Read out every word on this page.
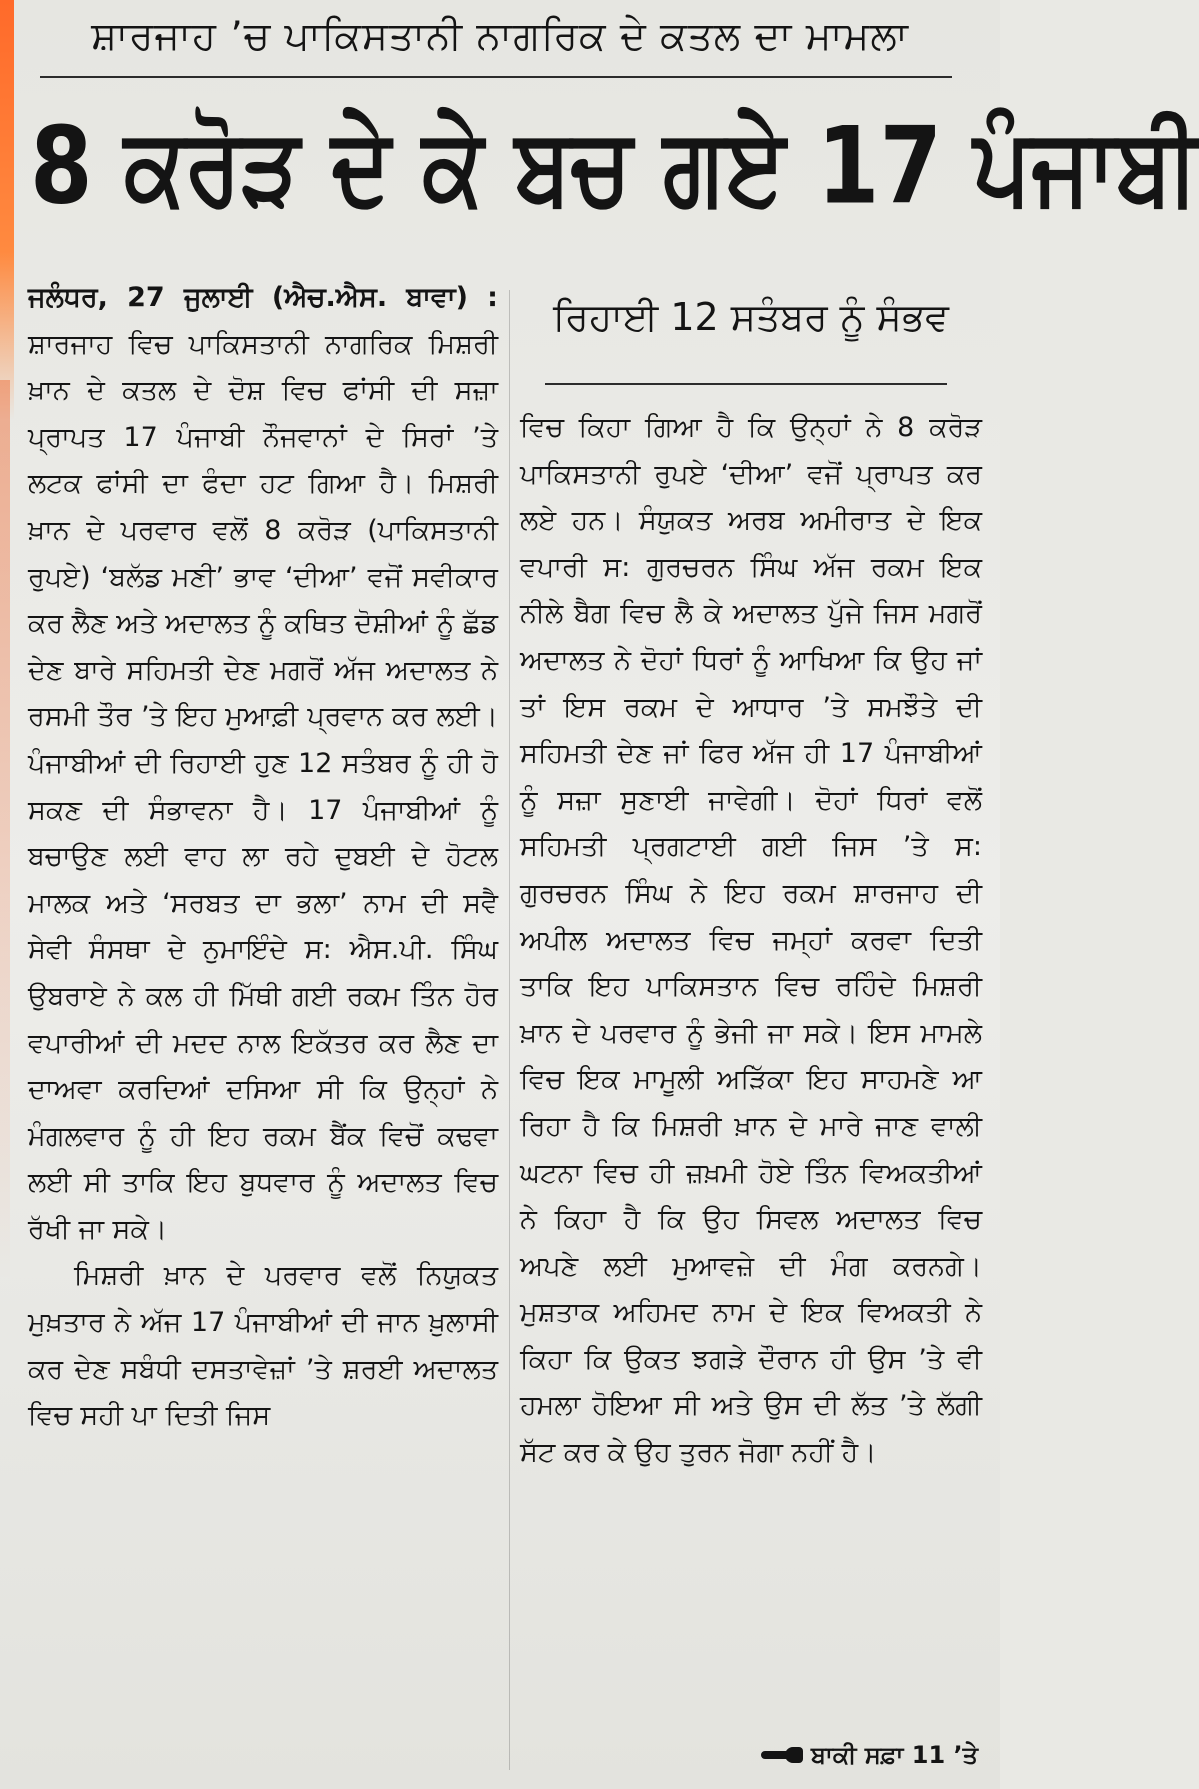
ਸ਼ਾਰਜਾਹ ’ਚ ਪਾਕਿਸਤਾਨੀ ਨਾਗਰਿਕ ਦੇ ਕਤਲ ਦਾ ਮਾਮਲਾ
8 ਕਰੋੜ ਦੇ ਕੇ ਬਚ ਗਏ 17 ਪੰਜਾਬੀ

ਜਲੰਧਰ, 27 ਜੁਲਾਈ (ਐਚ.ਐਸ. ਬਾਵਾ) : ਸ਼ਾਰਜਾਹ ਵਿਚ ਪਾਕਿਸਤਾਨੀ ਨਾਗਰਿਕ ਮਿਸ਼ਰੀ ਖ਼ਾਨ ਦੇ ਕਤਲ ਦੇ ਦੋਸ਼ ਵਿਚ ਫਾਂਸੀ ਦੀ ਸਜ਼ਾ ਪ੍ਰਾਪਤ 17 ਪੰਜਾਬੀ ਨੌਜਵਾਨਾਂ ਦੇ ਸਿਰਾਂ ’ਤੇ ਲਟਕ ਫਾਂਸੀ ਦਾ ਫੰਦਾ ਹਟ ਗਿਆ ਹੈ। ਮਿਸ਼ਰੀ ਖ਼ਾਨ ਦੇ ਪਰਵਾਰ ਵਲੋਂ 8 ਕਰੋੜ (ਪਾਕਿਸਤਾਨੀ ਰੁਪਏ) ‘ਬਲੱਡ ਮਣੀ’ ਭਾਵ ‘ਦੀਆ’ ਵਜੋਂ ਸਵੀਕਾਰ ਕਰ ਲੈਣ ਅਤੇ ਅਦਾਲਤ ਨੂੰ ਕਥਿਤ ਦੋਸ਼ੀਆਂ ਨੂੰ ਛੱਡ ਦੇਣ ਬਾਰੇ ਸਹਿਮਤੀ ਦੇਣ ਮਗਰੋਂ ਅੱਜ ਅਦਾਲਤ ਨੇ ਰਸਮੀ ਤੌਰ ’ਤੇ ਇਹ ਮੁਆਫ਼ੀ ਪ੍ਰਵਾਨ ਕਰ ਲਈ। ਪੰਜਾਬੀਆਂ ਦੀ ਰਿਹਾਈ ਹੁਣ 12 ਸਤੰਬਰ ਨੂੰ ਹੀ ਹੋ ਸਕਣ ਦੀ ਸੰਭਾਵਨਾ ਹੈ। 17 ਪੰਜਾਬੀਆਂ ਨੂੰ ਬਚਾਉਣ ਲਈ ਵਾਹ ਲਾ ਰਹੇ ਦੁਬਈ ਦੇ ਹੋਟਲ ਮਾਲਕ ਅਤੇ ‘ਸਰਬਤ ਦਾ ਭਲਾ’ ਨਾਮ ਦੀ ਸਵੈ ਸੇਵੀ ਸੰਸਥਾ ਦੇ ਨੁਮਾਇੰਦੇ ਸ: ਐਸ.ਪੀ. ਸਿੰਘ ਉਬਰਾਏ ਨੇ ਕਲ ਹੀ ਮਿੱਥੀ ਗਈ ਰਕਮ ਤਿੰਨ ਹੋਰ ਵਪਾਰੀਆਂ ਦੀ ਮਦਦ ਨਾਲ ਇਕੱਤਰ ਕਰ ਲੈਣ ਦਾ ਦਾਅਵਾ ਕਰਦਿਆਂ ਦਸਿਆ ਸੀ ਕਿ ਉਨ੍ਹਾਂ ਨੇ ਮੰਗਲਵਾਰ ਨੂੰ ਹੀ ਇਹ ਰਕਮ ਬੈਂਕ ਵਿਚੋਂ ਕਢਵਾ ਲਈ ਸੀ ਤਾਕਿ ਇਹ ਬੁਧਵਾਰ ਨੂੰ ਅਦਾਲਤ ਵਿਚ ਰੱਖੀ ਜਾ ਸਕੇ।

ਮਿਸ਼ਰੀ ਖ਼ਾਨ ਦੇ ਪਰਵਾਰ ਵਲੋਂ ਨਿਯੁਕਤ ਮੁਖ਼ਤਾਰ ਨੇ ਅੱਜ 17 ਪੰਜਾਬੀਆਂ ਦੀ ਜਾਨ ਖ਼ੁਲਾਸੀ ਕਰ ਦੇਣ ਸਬੰਧੀ ਦਸਤਾਵੇਜ਼ਾਂ ’ਤੇ ਸ਼ਰਈ ਅਦਾਲਤ ਵਿਚ ਸਹੀ ਪਾ ਦਿਤੀ ਜਿਸ

ਰਿਹਾਈ 12 ਸਤੰਬਰ ਨੂੰ ਸੰਭਵ

ਵਿਚ ਕਿਹਾ ਗਿਆ ਹੈ ਕਿ ਉਨ੍ਹਾਂ ਨੇ 8 ਕਰੋੜ ਪਾਕਿਸਤਾਨੀ ਰੁਪਏ ‘ਦੀਆ’ ਵਜੋਂ ਪ੍ਰਾਪਤ ਕਰ ਲਏ ਹਨ। ਸੰਯੁਕਤ ਅਰਬ ਅਮੀਰਾਤ ਦੇ ਇਕ ਵਪਾਰੀ ਸ: ਗੁਰਚਰਨ ਸਿੰਘ ਅੱਜ ਰਕਮ ਇਕ ਨੀਲੇ ਬੈਗ ਵਿਚ ਲੈ ਕੇ ਅਦਾਲਤ ਪੁੱਜੇ ਜਿਸ ਮਗਰੋਂ ਅਦਾਲਤ ਨੇ ਦੋਹਾਂ ਧਿਰਾਂ ਨੂੰ ਆਖਿਆ ਕਿ ਉਹ ਜਾਂ ਤਾਂ ਇਸ ਰਕਮ ਦੇ ਆਧਾਰ ’ਤੇ ਸਮਝੌਤੇ ਦੀ ਸਹਿਮਤੀ ਦੇਣ ਜਾਂ ਫਿਰ ਅੱਜ ਹੀ 17 ਪੰਜਾਬੀਆਂ ਨੂੰ ਸਜ਼ਾ ਸੁਣਾਈ ਜਾਵੇਗੀ। ਦੋਹਾਂ ਧਿਰਾਂ ਵਲੋਂ ਸਹਿਮਤੀ ਪ੍ਰਗਟਾਈ ਗਈ ਜਿਸ ’ਤੇ ਸ: ਗੁਰਚਰਨ ਸਿੰਘ ਨੇ ਇਹ ਰਕਮ ਸ਼ਾਰਜਾਹ ਦੀ ਅਪੀਲ ਅਦਾਲਤ ਵਿਚ ਜਮ੍ਹਾਂ ਕਰਵਾ ਦਿਤੀ ਤਾਕਿ ਇਹ ਪਾਕਿਸਤਾਨ ਵਿਚ ਰਹਿੰਦੇ ਮਿਸ਼ਰੀ ਖ਼ਾਨ ਦੇ ਪਰਵਾਰ ਨੂੰ ਭੇਜੀ ਜਾ ਸਕੇ। ਇਸ ਮਾਮਲੇ ਵਿਚ ਇਕ ਮਾਮੂਲੀ ਅੜਿੱਕਾ ਇਹ ਸਾਹਮਣੇ ਆ ਰਿਹਾ ਹੈ ਕਿ ਮਿਸ਼ਰੀ ਖ਼ਾਨ ਦੇ ਮਾਰੇ ਜਾਣ ਵਾਲੀ ਘਟਨਾ ਵਿਚ ਹੀ ਜ਼ਖ਼ਮੀ ਹੋਏ ਤਿੰਨ ਵਿਅਕਤੀਆਂ ਨੇ ਕਿਹਾ ਹੈ ਕਿ ਉਹ ਸਿਵਲ ਅਦਾਲਤ ਵਿਚ ਅਪਣੇ ਲਈ ਮੁਆਵਜ਼ੇ ਦੀ ਮੰਗ ਕਰਨਗੇ। ਮੁਸ਼ਤਾਕ ਅਹਿਮਦ ਨਾਮ ਦੇ ਇਕ ਵਿਅਕਤੀ ਨੇ ਕਿਹਾ ਕਿ ਉਕਤ ਝਗੜੇ ਦੌਰਾਨ ਹੀ ਉਸ ’ਤੇ ਵੀ ਹਮਲਾ ਹੋਇਆ ਸੀ ਅਤੇ ਉਸ ਦੀ ਲੱਤ ’ਤੇ ਲੱਗੀ ਸੱਟ ਕਰ ਕੇ ਉਹ ਤੁਰਨ ਜੋਗਾ ਨਹੀਂ ਹੈ।

ਬਾਕੀ ਸਫ਼ਾ 11 ’ਤੇ
